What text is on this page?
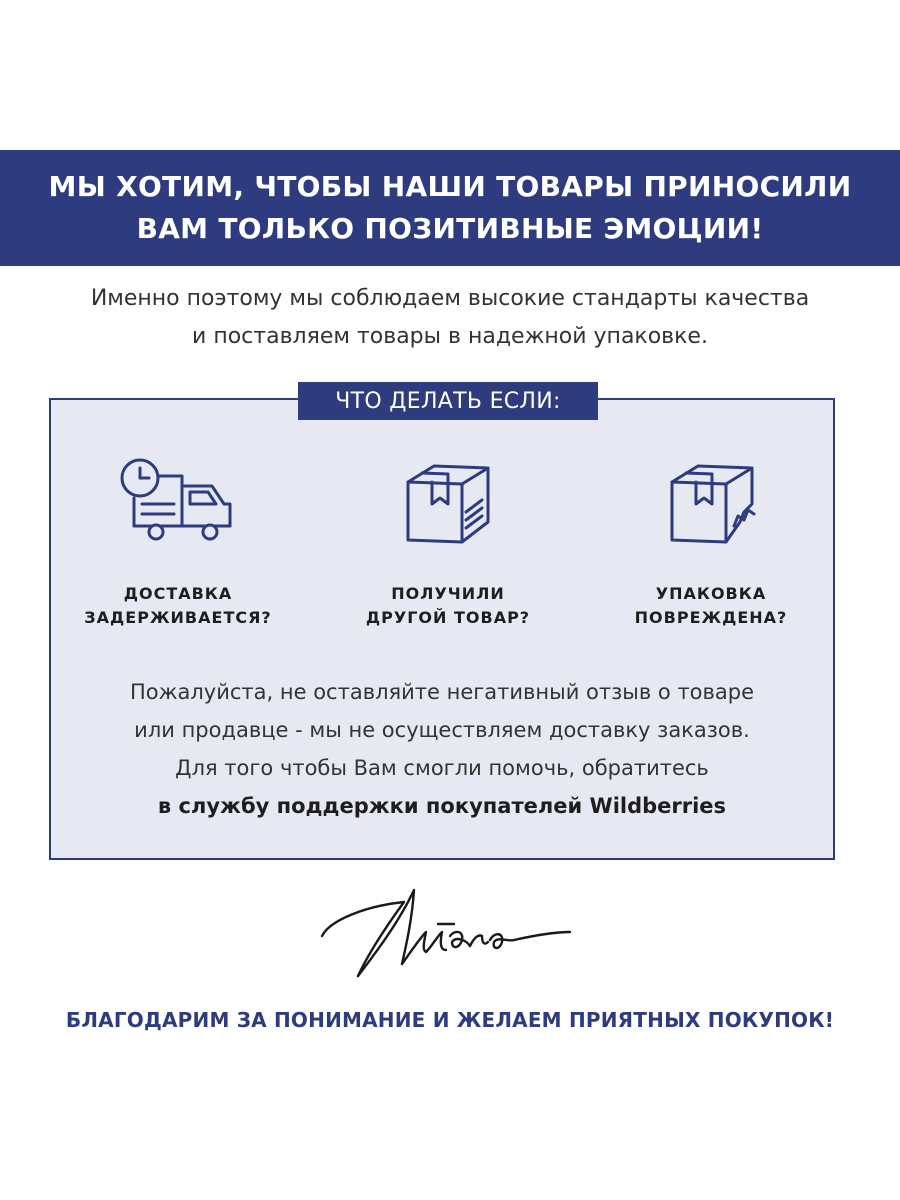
МЫ ХОТИМ, ЧТОБЫ НАШИ ТОВАРЫ ПРИНОСИЛИ
ВАМ ТОЛЬКО ПОЗИТИВНЫЕ ЭМОЦИИ!
Именно поэтому мы соблюдаем высокие стандарты качества
и поставляем товары в надежной упаковке.
ЧТО ДЕЛАТЬ ЕСЛИ:
ДОСТАВКА
ЗАДЕРЖИВАЕТСЯ?
ПОЛУЧИЛИ
ДРУГОЙ ТОВАР?
УПАКОВКА
ПОВРЕЖДЕНА?
Пожалуйста, не оставляйте негативный отзыв о товаре
или продавце - мы не осуществляем доставку заказов.
Для того чтобы Вам смогли помочь, обратитесь
в службу поддержки покупателей Wildberries
БЛАГОДАРИМ ЗА ПОНИМАНИЕ И ЖЕЛАЕМ ПРИЯТНЫХ ПОКУПОК!
